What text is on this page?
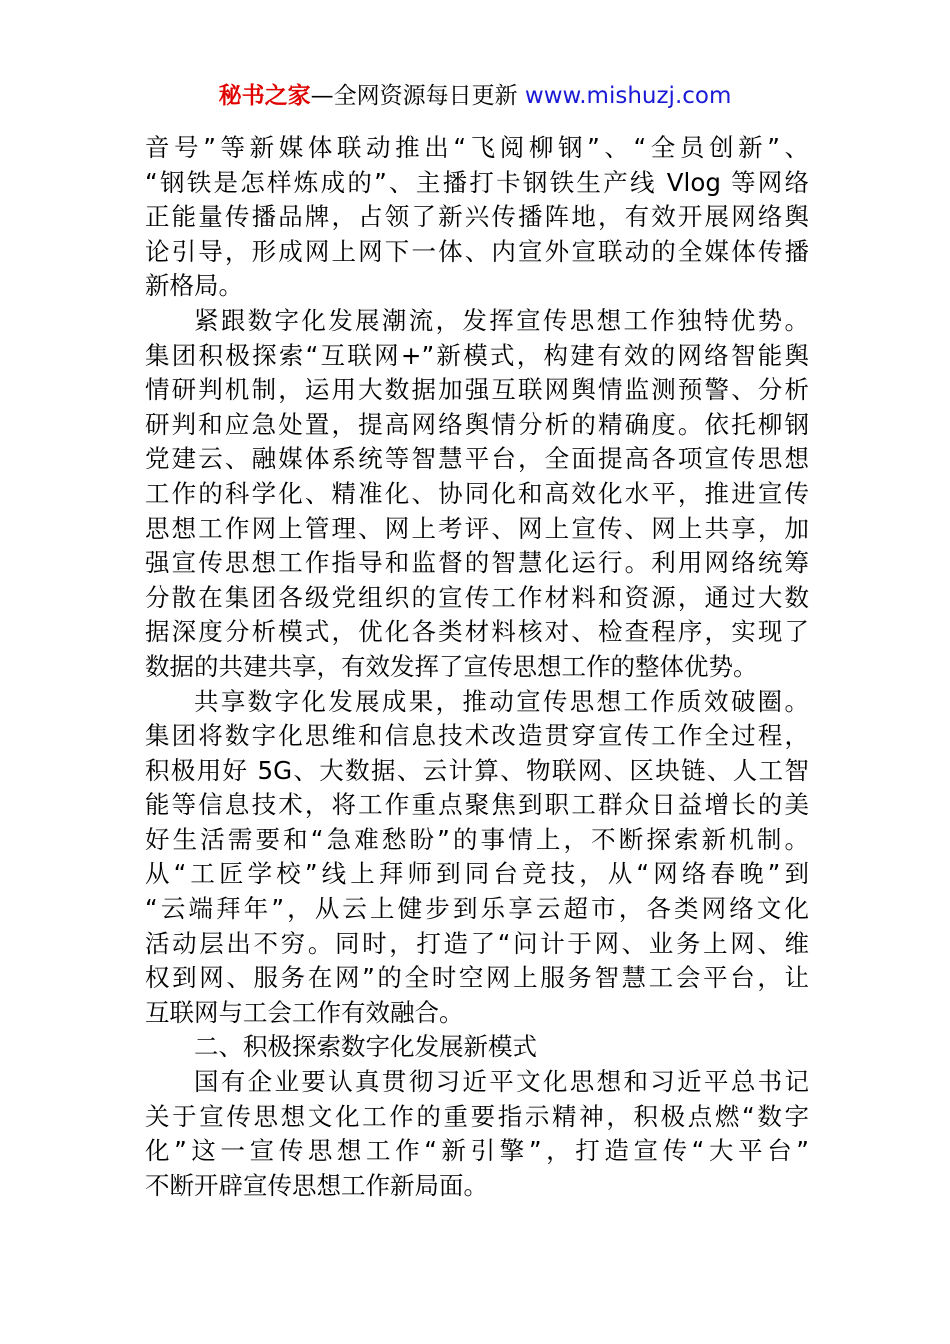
秘书之家—全网资源每日更新 www.mishuzj.com
音号”等新媒体联动推出“飞阅柳钢”、“全员创新”、
“钢铁是怎样炼成的”、主播打卡钢铁生产线 Vlog 等网络
正能量传播品牌，占领了新兴传播阵地，有效开展网络舆
论引导，形成网上网下一体、内宣外宣联动的全媒体传播
新格局。
紧跟数字化发展潮流，发挥宣传思想工作独特优势。
集团积极探索“互联网+”新模式，构建有效的网络智能舆
情研判机制，运用大数据加强互联网舆情监测预警、分析
研判和应急处置，提高网络舆情分析的精确度。依托柳钢
党建云、融媒体系统等智慧平台，全面提高各项宣传思想
工作的科学化、精准化、协同化和高效化水平，推进宣传
思想工作网上管理、网上考评、网上宣传、网上共享，加
强宣传思想工作指导和监督的智慧化运行。利用网络统筹
分散在集团各级党组织的宣传工作材料和资源，通过大数
据深度分析模式，优化各类材料核对、检查程序，实现了
数据的共建共享，有效发挥了宣传思想工作的整体优势。
共享数字化发展成果，推动宣传思想工作质效破圈。
集团将数字化思维和信息技术改造贯穿宣传工作全过程，
积极用好 5G、大数据、云计算、物联网、区块链、人工智
能等信息技术，将工作重点聚焦到职工群众日益增长的美
好生活需要和“急难愁盼”的事情上，不断探索新机制。
从“工匠学校”线上拜师到同台竞技，从“网络春晚”到
“云端拜年”，从云上健步到乐享云超市，各类网络文化
活动层出不穷。同时，打造了“问计于网、业务上网、维
权到网、服务在网”的全时空网上服务智慧工会平台，让
互联网与工会工作有效融合。
二、积极探索数字化发展新模式
国有企业要认真贯彻习近平文化思想和习近平总书记
关于宣传思想文化工作的重要指示精神，积极点燃“数字
化”这一宣传思想工作“新引擎”，打造宣传“大平台”
不断开辟宣传思想工作新局面。
